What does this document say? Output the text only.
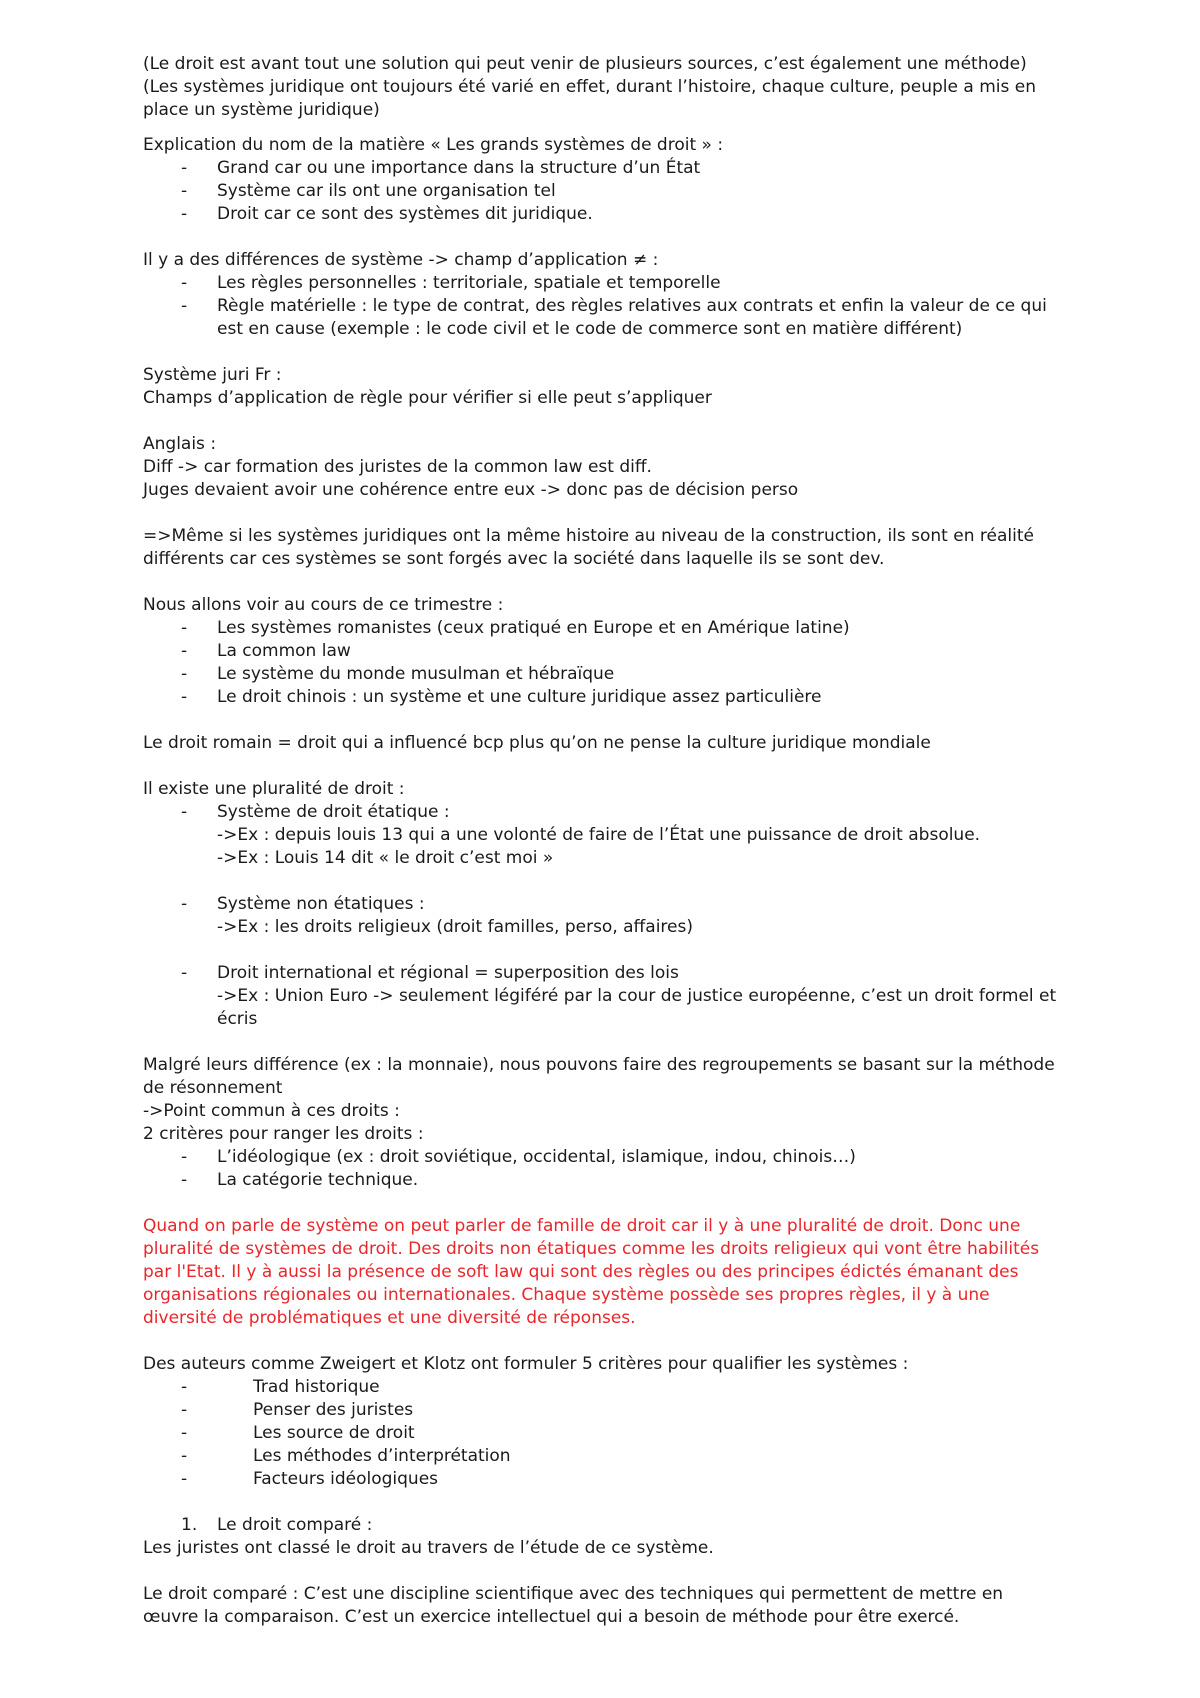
(Le droit est avant tout une solution qui peut venir de plusieurs sources, c’est également une méthode) (Les systèmes juridique ont toujours été varié en effet, durant l’histoire, chaque culture, peuple a mis en place un système juridique)

Explication du nom de la matière « Les grands systèmes de droit » :

- Grand car ou une importance dans la structure d’un État
- Système car ils ont une organisation tel
- Droit car ce sont des systèmes dit juridique.

Il y a des différences de système -> champ d’application ≠ :

- Les règles personnelles : territoriale, spatiale et temporelle
- Règle matérielle : le type de contrat, des règles relatives aux contrats et enfin la valeur de ce qui est en cause (exemple : le code civil et le code de commerce sont en matière différent)

Système juri Fr :

Champs d’application de règle pour vérifier si elle peut s’appliquer

Anglais :

Diff -> car formation des juristes de la common law est diff.

Juges devaient avoir une cohérence entre eux -> donc pas de décision perso

=>Même si les systèmes juridiques ont la même histoire au niveau de la construction, ils sont en réalité différents car ces systèmes se sont forgés avec la société dans laquelle ils se sont dev.

Nous allons voir au cours de ce trimestre :

- Les systèmes romanistes (ceux pratiqué en Europe et en Amérique latine)
- La common law
- Le système du monde musulman et hébraïque
- Le droit chinois : un système et une culture juridique assez particulière

Le droit romain = droit qui a influencé bcp plus qu’on ne pense la culture juridique mondiale

Il existe une pluralité de droit :

- Système de droit étatique :
->Ex : depuis louis 13 qui a une volonté de faire de l’État une puissance de droit absolue.
->Ex : Louis 14 dit « le droit c’est moi »
- Système non étatiques :
->Ex : les droits religieux (droit familles, perso, affaires)
- Droit international et régional = superposition des lois
->Ex : Union Euro -> seulement légiféré par la cour de justice européenne, c’est un droit formel et écris

Malgré leurs différence (ex : la monnaie), nous pouvons faire des regroupements se basant sur la méthode de résonnement

->Point commun à ces droits :

2 critères pour ranger les droits :

- L’idéologique (ex : droit soviétique, occidental, islamique, indou, chinois…)
- La catégorie technique.

Quand on parle de système on peut parler de famille de droit car il y à une pluralité de droit. Donc une pluralité de systèmes de droit. Des droits non étatiques comme les droits religieux qui vont être habilités par l'Etat. Il y à aussi la présence de soft law qui sont des règles ou des principes édictés émanant des organisations régionales ou internationales. Chaque système possède ses propres règles, il y à une diversité de problématiques et une diversité de réponses.

Des auteurs comme Zweigert et Klotz ont formuler 5 critères pour qualifier les systèmes :

-	Trad historique
-	Penser des juristes
-	Les source de droit
-	Les méthodes d’interprétation
-	Facteurs idéologiques

1. Le droit comparé :

Les juristes ont classé le droit au travers de l’étude de ce système.

Le droit comparé : C’est une discipline scientifique avec des techniques qui permettent de mettre en œuvre la comparaison. C’est un exercice intellectuel qui a besoin de méthode pour être exercé.
